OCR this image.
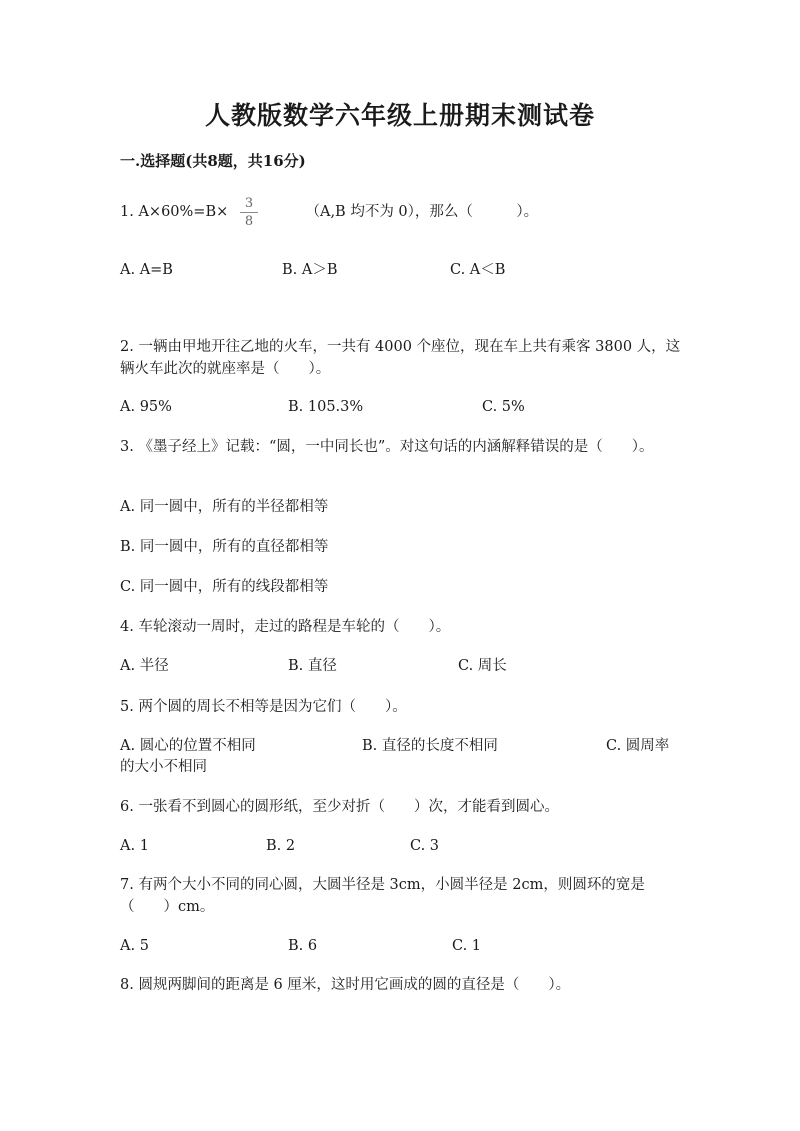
人教版数学六年级上册期末测试卷
一.选择题(共8题，共16分)
1. A×60%=B×	（A,B 均不为 0），那么（　　　）。
3
8
A. A=B	B. A＞B	C. A＜B
2. 一辆由甲地开往乙地的火车，一共有 4000 个座位，现在车上共有乘客 3800 人，这辆火车此次的就座率是（　　）。
A. 95%	B. 105.3%	C. 5%
3. 《墨子经上》记载：“圆，一中同长也”。对这句话的内涵解释错误的是（　　）。
A. 同一圆中，所有的半径都相等
B. 同一圆中，所有的直径都相等
C. 同一圆中，所有的线段都相等
4. 车轮滚动一周时，走过的路程是车轮的（　　）。
A. 半径	B. 直径	C. 周长
5. 两个圆的周长不相等是因为它们（　　）。
A. 圆心的位置不相同	B. 直径的长度不相同	C. 圆周率
的大小不相同
6. 一张看不到圆心的圆形纸，至少对折（　　）次，才能看到圆心。
A. 1	B. 2	C. 3
7. 有两个大小不同的同心圆，大圆半径是 3cm，小圆半径是 2cm，则圆环的宽是（　　）cm。
A. 5	B. 6	C. 1
8. 圆规两脚间的距离是 6 厘米，这时用它画成的圆的直径是（　　）。
